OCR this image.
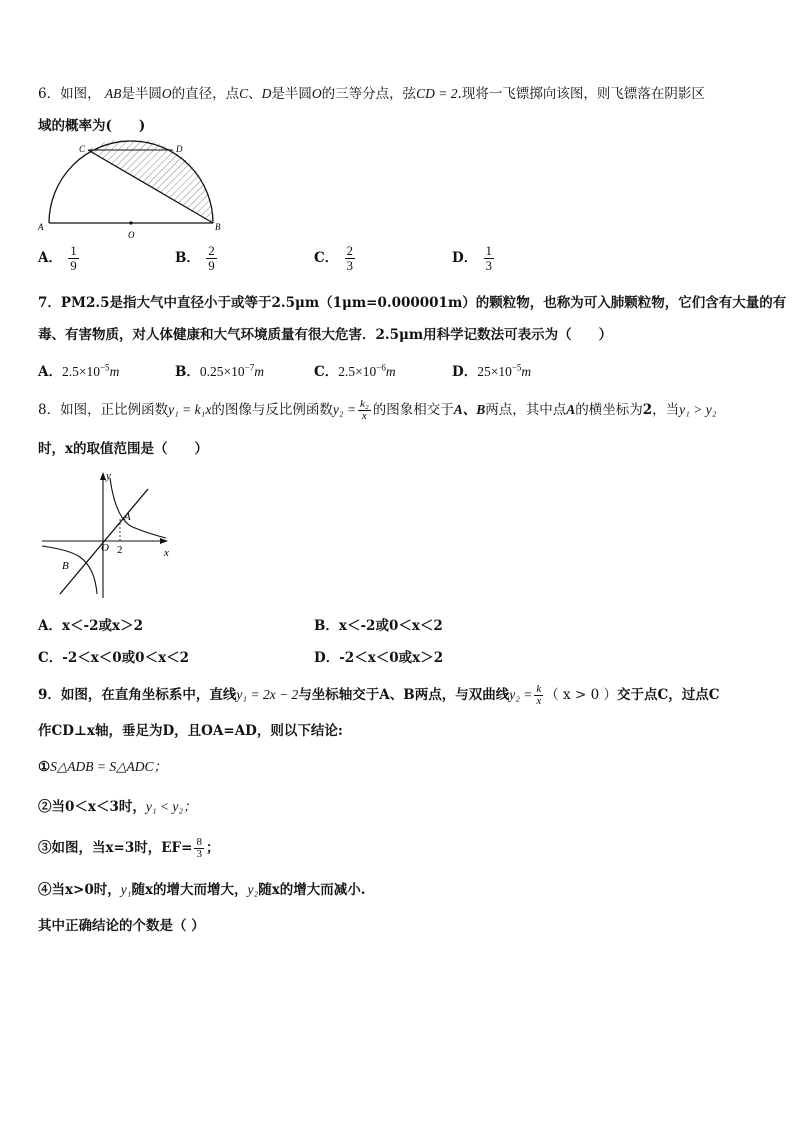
6．如图， AB是半圆O的直径，点C、D是半圆O的三等分点，弦CD = 2.现将一飞镖掷向该图，则飞镖落在阴影区
域的概率为(　　)
A	B
C	D
O
A． $\frac{1}{9}$	B． $\frac{2}{9}$	C． $\frac{2}{3}$	D． $\frac{1}{3}$
7．PM2.5是指大气中直径小于或等于2.5μm（1μm=0.000001m）的颗粒物，也称为可入肺颗粒物，它们含有大量的有
毒、有害物质，对人体健康和大气环境质量有很大危害．2.5μm用科学记数法可表示为（　　）
A．$2.5\times 10^{-5}m$	B．$0.25\times 10^{-7}m$	C．$2.5\times 10^{-6}m$	D．$25\times 10^{-5}m$
8．如图，正比例函数y₁ = k₁x的图像与反比例函数$y_2 = \frac{\text{k₂}}{x}$ 的图象相交于A、B两点，其中点A的横坐标为2，当y₁ > y₂
时，x的取值范围是（　　）
y
x
O
A
B
2
A．x＜-2或x＞2	B．x＜-2或0＜x＜2
C．-2＜x＜0或0＜x＜2	D．-2＜x＜0或x＞2
9．如图，在直角坐标系中，直线y₁ = 2x − 2与坐标轴交于A、B两点，与双曲线$y_2 = \frac{k}{x}$ （ x > 0 ）交于点C，过点C
作CD⊥x轴，垂足为D，且OA=AD，则以下结论:
①S△ADB = S△ADC；
②当0＜x＜3时，y₁ < y₂；
③如图，当x=3时，$EF= \frac{8}{3}$ ；
④当x>0时，y₁随x的增大而增大，y₂随x的增大而减小.
其中正确结论的个数是（ ）
